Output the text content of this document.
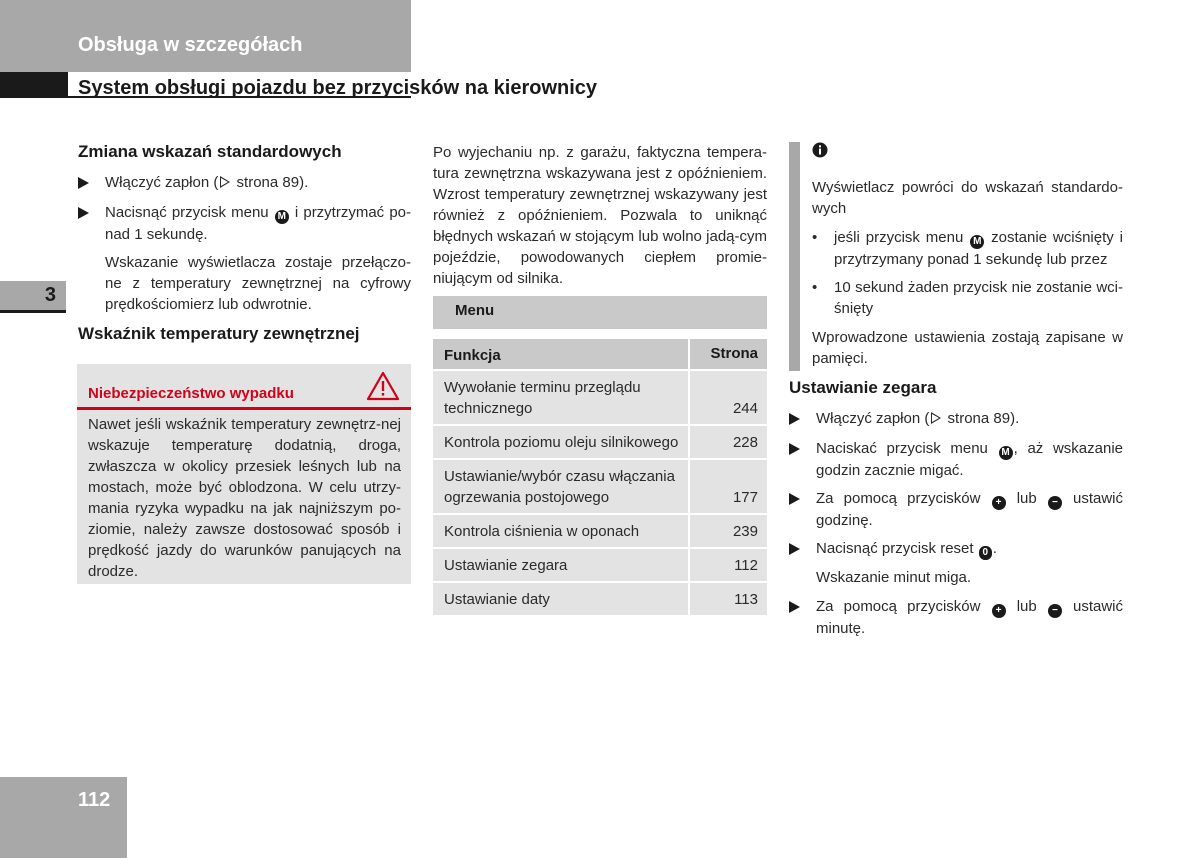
Obsługa w szczegółach
System obsługi pojazdu bez przycisków na kierownicy
3
112
Zmiana wskazań standardowych
Włączyć zapłon ( strona 89).
Nacisnąć przycisk menu M i przytrzymać po-nad 1 sekundę.
Wskazanie wyświetlacza zostaje przełączo-ne z temperatury zewnętrznej na cyfrowy prędkościomierz lub odwrotnie.
Wskaźnik temperatury zewnętrznej
Niebezpieczeństwo wypadku
Nawet jeśli wskaźnik temperatury zewnętrz-nej wskazuje temperaturę dodatnią, droga, zwłaszcza w okolicy przesiek leśnych lub na mostach, może być oblodzona. W celu utrzy-mania ryzyka wypadku na jak najniższym po-ziomie, należy zawsze dostosować sposób i prędkość jazdy do warunków panujących na drodze.
Po wyjechaniu np. z garażu, faktyczna tempera-tura zewnętrzna wskazywana jest z opóźnieniem. Wzrost temperatury zewnętrznej wskazywany jest również z opóźnieniem. Pozwala to uniknąć błędnych wskazań w stojącym lub wolno jadą-cym pojeździe, powodowanych ciepłem promie-niującym od silnika.
Menu
Funkcja	Strona
Wywołanie terminu przeglądu technicznego	244
Kontrola poziomu oleju silnikowego	228
Ustawianie/wybór czasu włączania ogrzewania postojowego	177
Kontrola ciśnienia w oponach	239
Ustawianie zegara	112
Ustawianie daty	113
Wyświetlacz powróci do wskazań standardo-wych
• jeśli przycisk menu M zostanie wciśnięty i przytrzymany ponad 1 sekundę lub przez
• 10 sekund żaden przycisk nie zostanie wci-śnięty
Wprowadzone ustawienia zostają zapisane w pamięci.
Ustawianie zegara
Włączyć zapłon ( strona 89).
Naciskać przycisk menu M , aż wskazanie godzin zacznie migać.
Za pomocą przycisków + lub − ustawić godzinę.
Nacisnąć przycisk reset 0 .
Wskazanie minut miga.
Za pomocą przycisków + lub − ustawić minutę.
